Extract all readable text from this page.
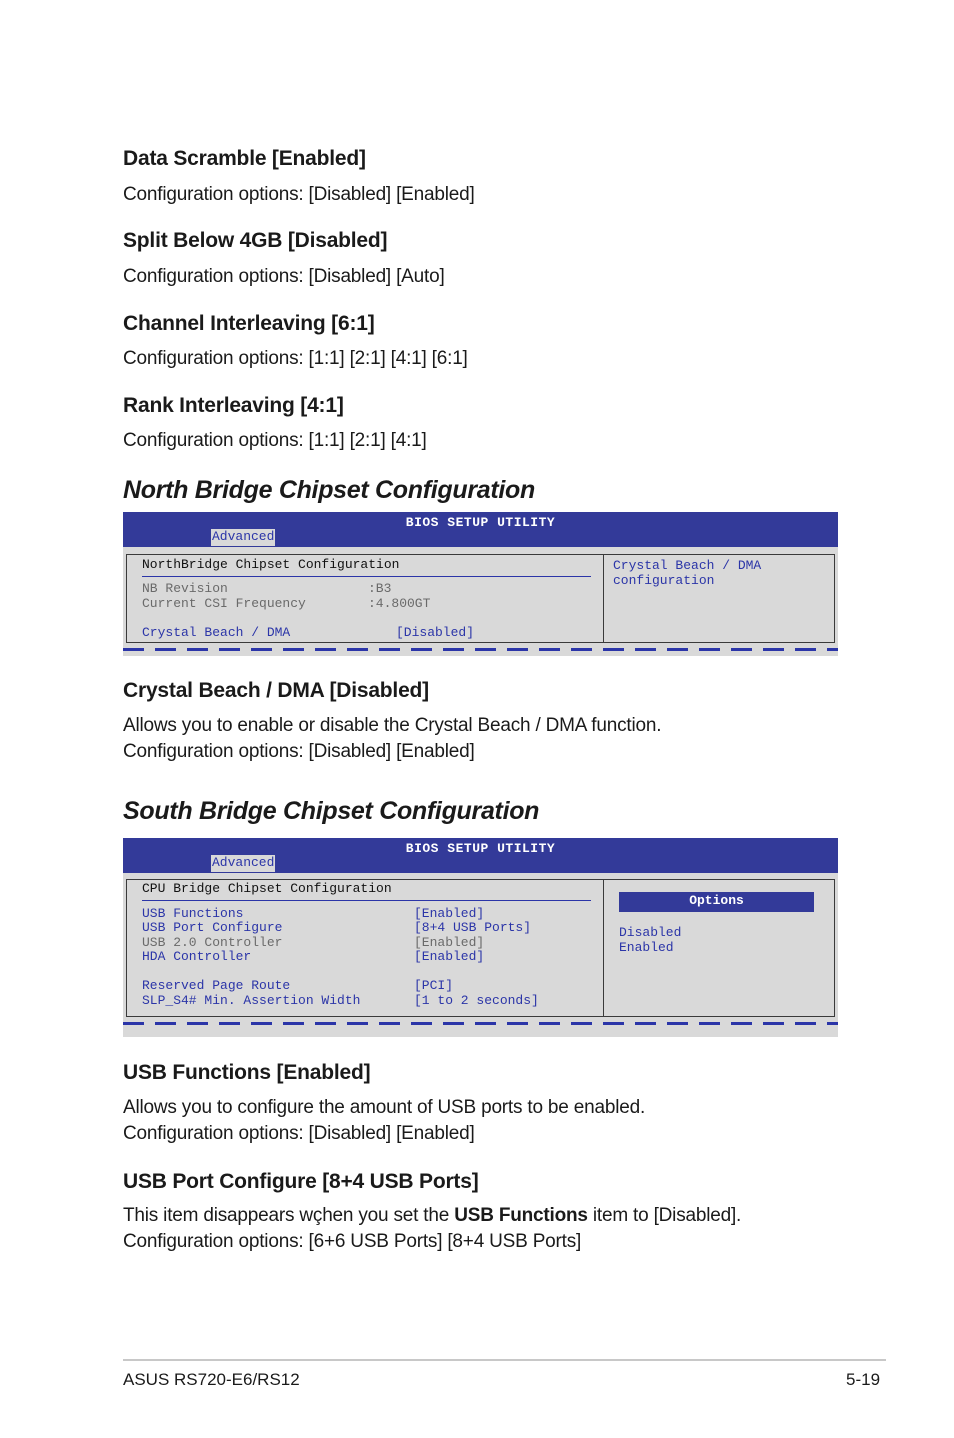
Data Scramble [Enabled]
Configuration options: [Disabled] [Enabled]
Split Below 4GB [Disabled]
Configuration options: [Disabled] [Auto]
Channel Interleaving [6:1]
Configuration options: [1:1] [2:1] [4:1] [6:1]
Rank Interleaving [4:1]
Configuration options: [1:1] [2:1] [4:1]
North Bridge Chipset Configuration
BIOS SETUP UTILITY
Advanced
NorthBridge Chipset Configuration
NB Revision	:B3
Current CSI Frequency	:4.800GT
Crystal Beach / DMA	[Disabled]
Crystal Beach / DMA
configuration
Crystal Beach / DMA [Disabled]
Allows you to enable or disable the Crystal Beach / DMA function.
Configuration options: [Disabled] [Enabled]
South Bridge Chipset Configuration
BIOS SETUP UTILITY
Advanced
CPU Bridge Chipset Configuration
USB Functions	[Enabled]
USB Port Configure	[8+4 USB Ports]
USB 2.0 Controller	[Enabled]
HDA Controller	[Enabled]
Reserved Page Route	[PCI]
SLP_S4# Min. Assertion Width	[1 to 2 seconds]
Options
Disabled
Enabled
USB Functions [Enabled]
Allows you to configure the amount of USB ports to be enabled.
Configuration options: [Disabled] [Enabled]
USB Port Configure [8+4 USB Ports]
This item disappears wçhen you set the USB Functions item to [Disabled].
Configuration options: [6+6 USB Ports] [8+4 USB Ports]
ASUS RS720-E6/RS12	5-19
